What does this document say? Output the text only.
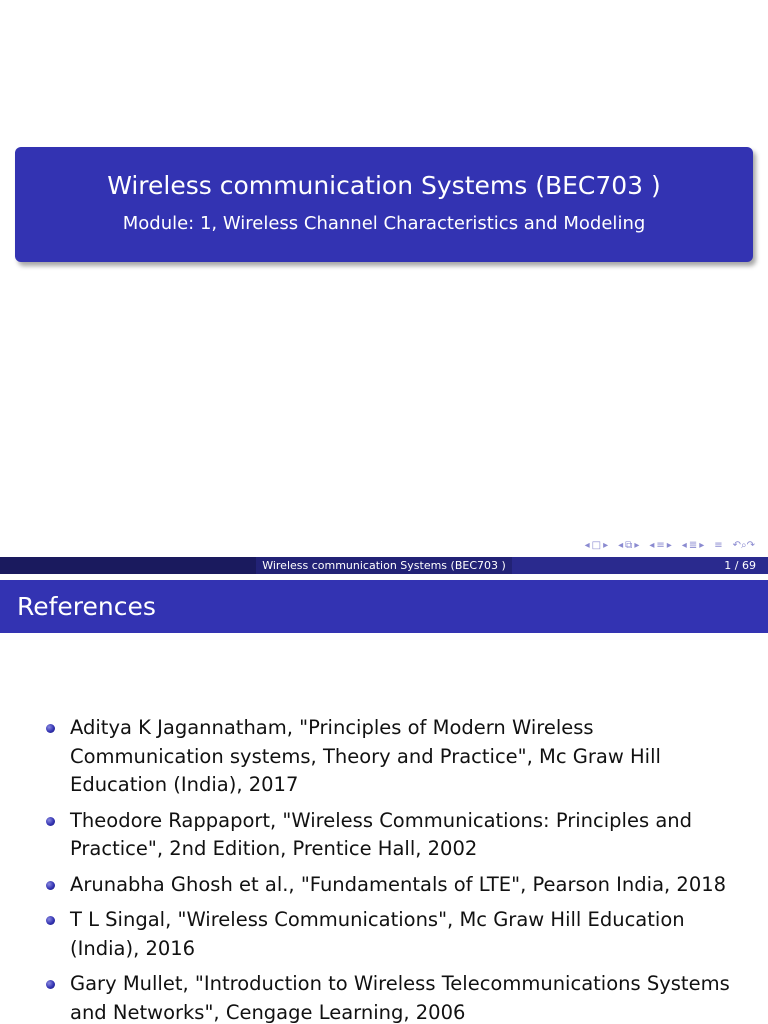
Wireless communication Systems (BEC703 )
Module: 1, Wireless Channel Characteristics and Modeling
◂ □ ▸ ◂ ⧉ ▸ ◂ ≡ ▸ ◂ ≣ ▸ ≡ ↶⌕↷
Wireless communication Systems (BEC703 )	1 / 69
References
Aditya K Jagannatham, "Principles of Modern Wireless Communication systems, Theory and Practice", Mc Graw Hill Education (India), 2017
Theodore Rappaport, "Wireless Communications: Principles and Practice", 2nd Edition, Prentice Hall, 2002
Arunabha Ghosh et al., "Fundamentals of LTE", Pearson India, 2018
T L Singal, "Wireless Communications", Mc Graw Hill Education (India), 2016
Gary Mullet, "Introduction to Wireless Telecommunications Systems and Networks", Cengage Learning, 2006
